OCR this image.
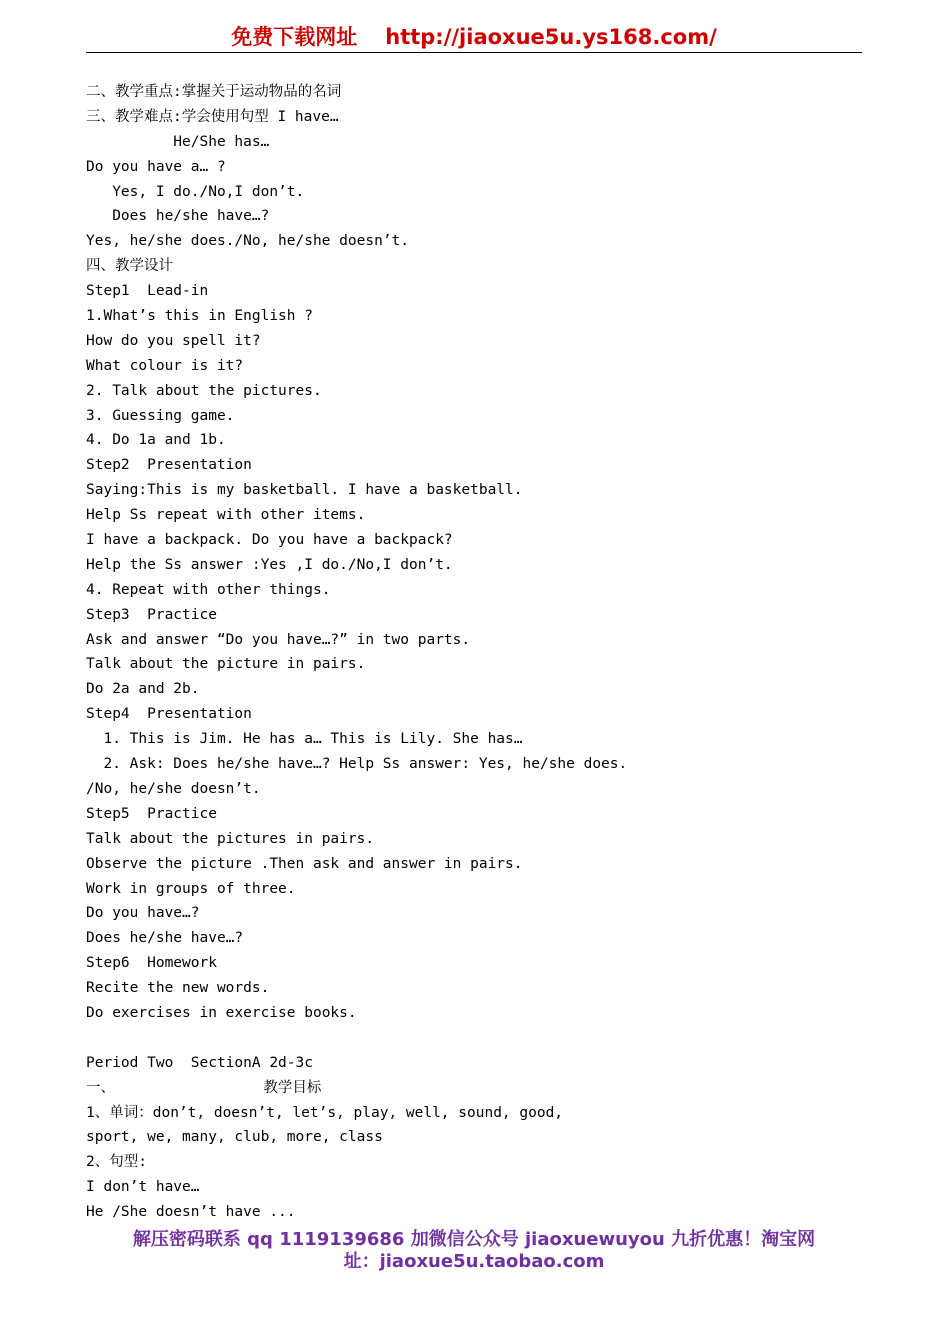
免费下载网址 http://jiaoxue5u.ys168.com/
二、教学重点:掌握关于运动物品的名词
三、教学难点:学会使用句型 I have…
He/She has…
Do you have a… ?
Yes, I do./No,I don’t.
Does he/she have…?
Yes, he/she does./No, he/she doesn’t.
四、教学设计
Step1  Lead-in
1.What’s this in English ?
How do you spell it?
What colour is it?
2. Talk about the pictures.
3. Guessing game.
4. Do 1a and 1b.
Step2  Presentation
Saying:This is my basketball. I have a basketball.
Help Ss repeat with other items.
I have a backpack. Do you have a backpack?
Help the Ss answer :Yes ,I do./No,I don’t.
4. Repeat with other things.
Step3  Practice
Ask and answer “Do you have…?” in two parts.
Talk about the picture in pairs.
Do 2a and 2b.
Step4  Presentation
1. This is Jim. He has a… This is Lily. She has…
2. Ask: Does he/she have…? Help Ss answer: Yes, he/she does.
/No, he/she doesn’t.
Step5  Practice
Talk about the pictures in pairs.
Observe the picture .Then ask and answer in pairs.
Work in groups of three.
Do you have…?
Does he/she have…?
Step6  Homework
Recite the new words.
Do exercises in exercise books.
Period Two  SectionA 2d-3c
一、                 教学目标
1、单词：don’t, doesn’t, let’s, play, well, sound, good,
sport, we, many, club, more, class
2、句型:
I don’t have…
He /She doesn’t have ...
解压密码联系 qq 1119139686 加微信公众号 jiaoxuewuyou 九折优惠！淘宝网
址：jiaoxue5u.taobao.com
